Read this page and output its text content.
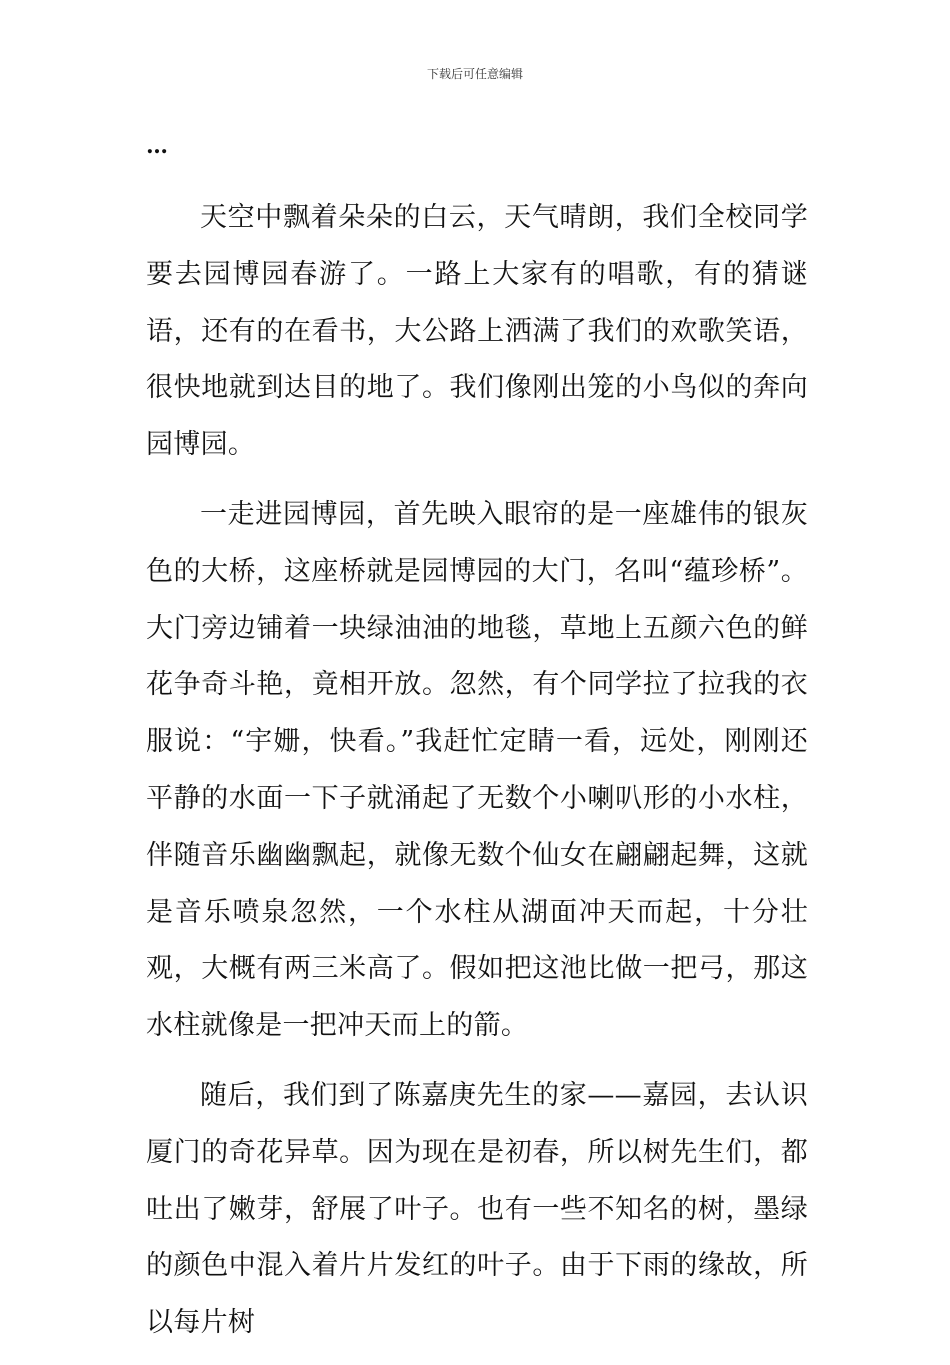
下载后可任意编辑
…

天空中飘着朵朵的白云，天气晴朗，我们全校同学要去园博园春游了。一路上大家有的唱歌，有的猜谜语，还有的在看书，大公路上洒满了我们的欢歌笑语，很快地就到达目的地了。我们像刚出笼的小鸟似的奔向园博园。

一走进园博园，首先映入眼帘的是一座雄伟的银灰色的大桥，这座桥就是园博园的大门，名叫“蕴珍桥”。大门旁边铺着一块绿油油的地毯，草地上五颜六色的鲜花争奇斗艳，竟相开放。忽然，有个同学拉了拉我的衣服说：“宇姗，快看。”我赶忙定睛一看，远处，刚刚还平静的水面一下子就涌起了无数个小喇叭形的小水柱，伴随音乐幽幽飘起，就像无数个仙女在翩翩起舞，这就是音乐喷泉忽然，一个水柱从湖面冲天而起，十分壮观，大概有两三米高了。假如把这池比做一把弓，那这水柱就像是一把冲天而上的箭。

随后，我们到了陈嘉庚先生的家——嘉园，去认识厦门的奇花异草。因为现在是初春，所以树先生们，都吐出了嫩芽，舒展了叶子。也有一些不知名的树，墨绿的颜色中混入着片片发红的叶子。由于下雨的缘故，所以每片树
